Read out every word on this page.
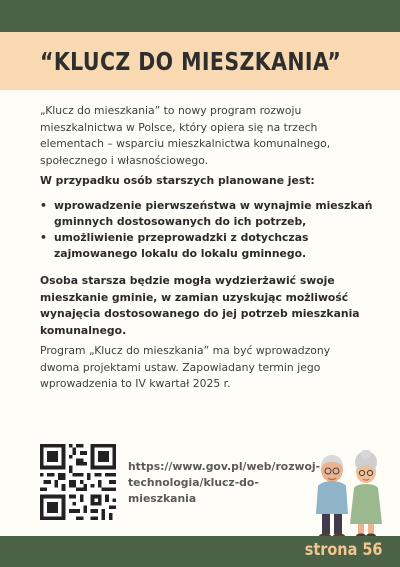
“KLUCZ DO MIESZKANIA”

„Klucz do mieszkania” to nowy program rozwoju mieszkalnictwa w Polsce, który opiera się na trzech elementach – wsparciu mieszkalnictwa komunalnego, społecznego i własnościowego.

W przypadku osób starszych planowane jest:

• wprowadzenie pierwszeństwa w wynajmie mieszkań gminnych dostosowanych do ich potrzeb,
• umożliwienie przeprowadzki z dotychczas zajmowanego lokalu do lokalu gminnego.

Osoba starsza będzie mogła wydzierżawić swoje mieszkanie gminie, w zamian uzyskując możliwość wynajęcia dostosowanego do jej potrzeb mieszkania komunalnego.

Program „Klucz do mieszkania” ma być wprowadzony dwoma projektami ustaw. Zapowiadany termin jego wprowadzenia to IV kwartał 2025 r.

https://www.gov.pl/web/rozwoj-technologia/klucz-do-mieszkania

strona 56
